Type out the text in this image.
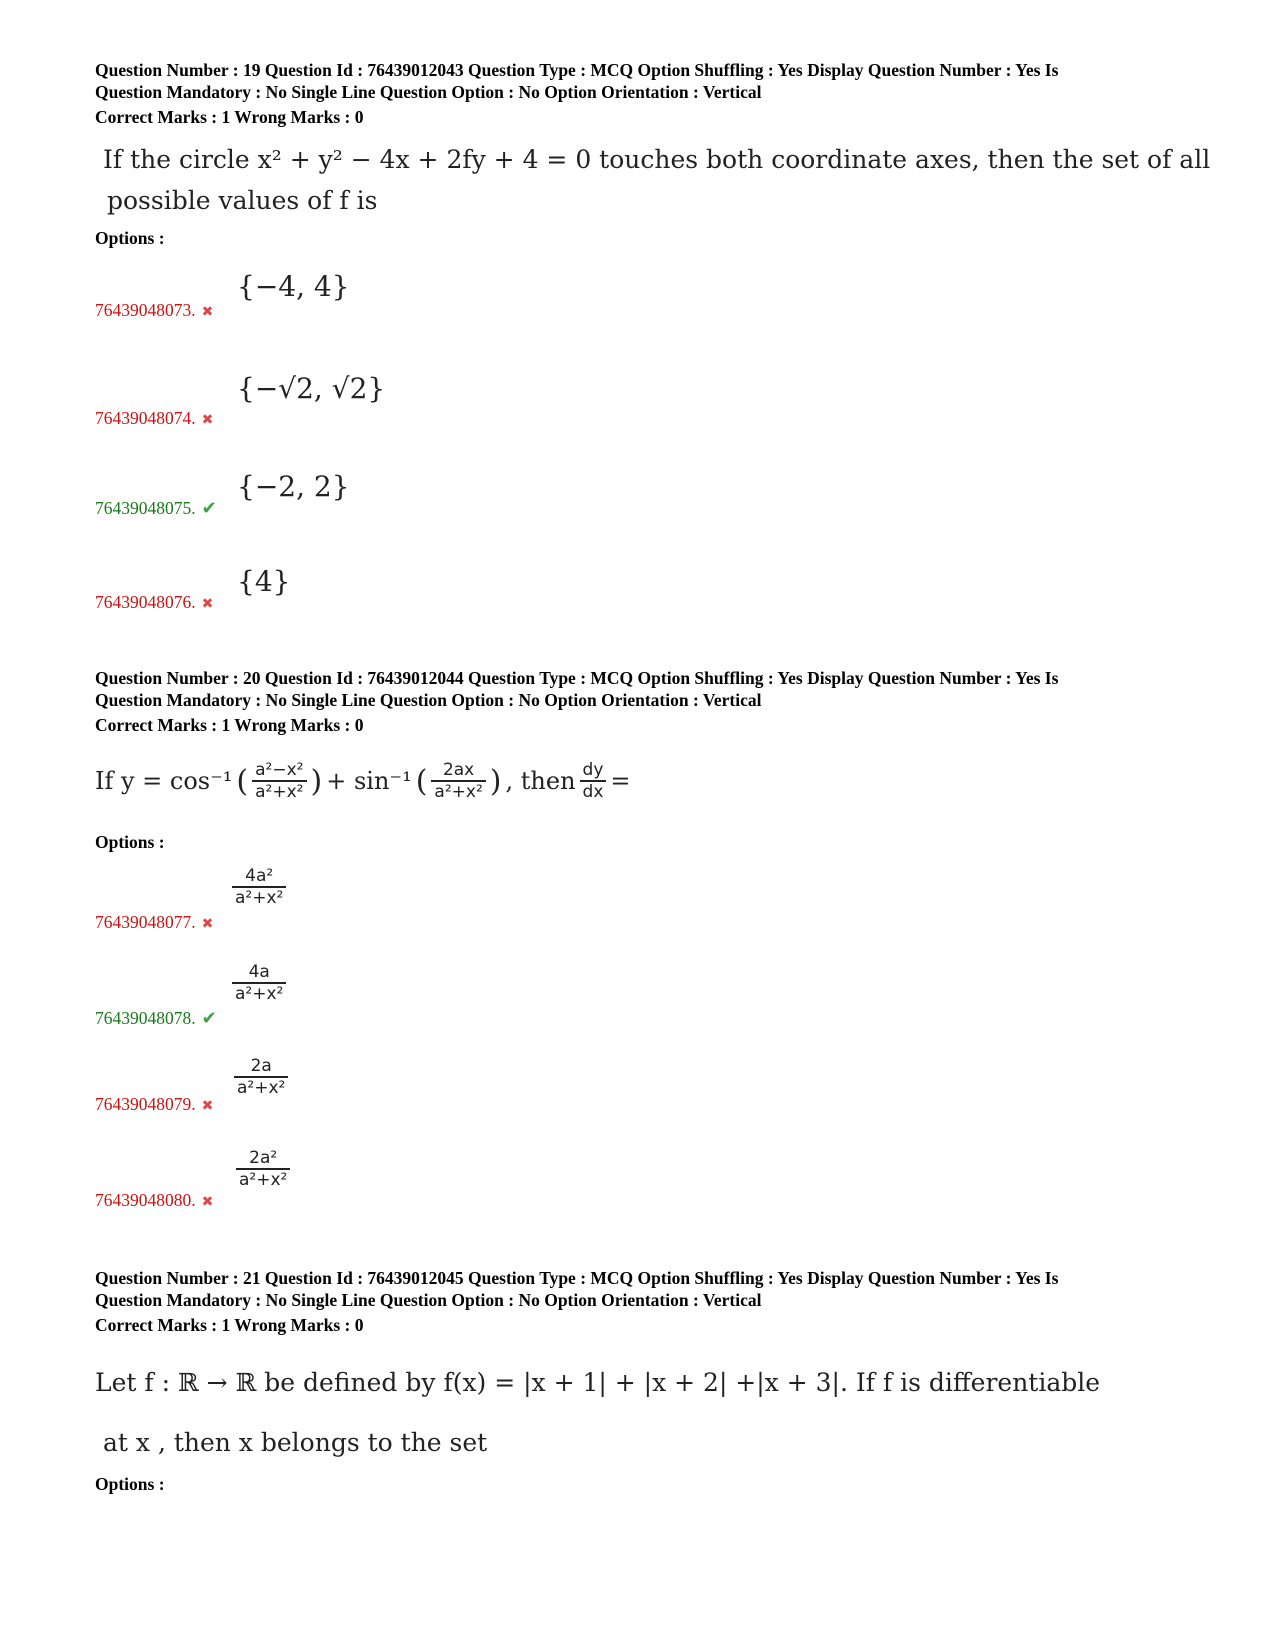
Question Number : 19 Question Id : 76439012043 Question Type : MCQ Option Shuffling : Yes Display Question Number : Yes Is
Question Mandatory : No Single Line Question Option : No Option Orientation : Vertical
Correct Marks : 1 Wrong Marks : 0
If the circle x² + y² − 4x + 2fy + 4 = 0 touches both coordinate axes, then the set of all
possible values of f is
Options :
{−4, 4}
76439048073. ✖
{−√2, √2}
76439048074. ✖
{−2, 2}
76439048075. ✔
{4}
76439048076. ✖
Question Number : 20 Question Id : 76439012044 Question Type : MCQ Option Shuffling : Yes Display Question Number : Yes Is
Question Mandatory : No Single Line Question Option : No Option Orientation : Vertical
Correct Marks : 1 Wrong Marks : 0
If y = cos⁻¹ ( $\frac{\text{a²−x²}}{\text{a²+x²}}$ ) + sin⁻¹ ( $\frac{2ax}{\text{a²+x²}}$ ) , then $\frac{dy}{dx}$ =
Options :
$\frac{\text{4a²}}{\text{a²+x²}}$
76439048077. ✖
$\frac{4a}{\text{a²+x²}}$
76439048078. ✔
$\frac{2a}{\text{a²+x²}}$
76439048079. ✖
$\frac{\text{2a²}}{\text{a²+x²}}$
76439048080. ✖
Question Number : 21 Question Id : 76439012045 Question Type : MCQ Option Shuffling : Yes Display Question Number : Yes Is
Question Mandatory : No Single Line Question Option : No Option Orientation : Vertical
Correct Marks : 1 Wrong Marks : 0
Let f : ℝ → ℝ be defined by f(x) = |x + 1| + |x + 2| +|x + 3|. If f is differentiable
at x , then x belongs to the set
Options :
